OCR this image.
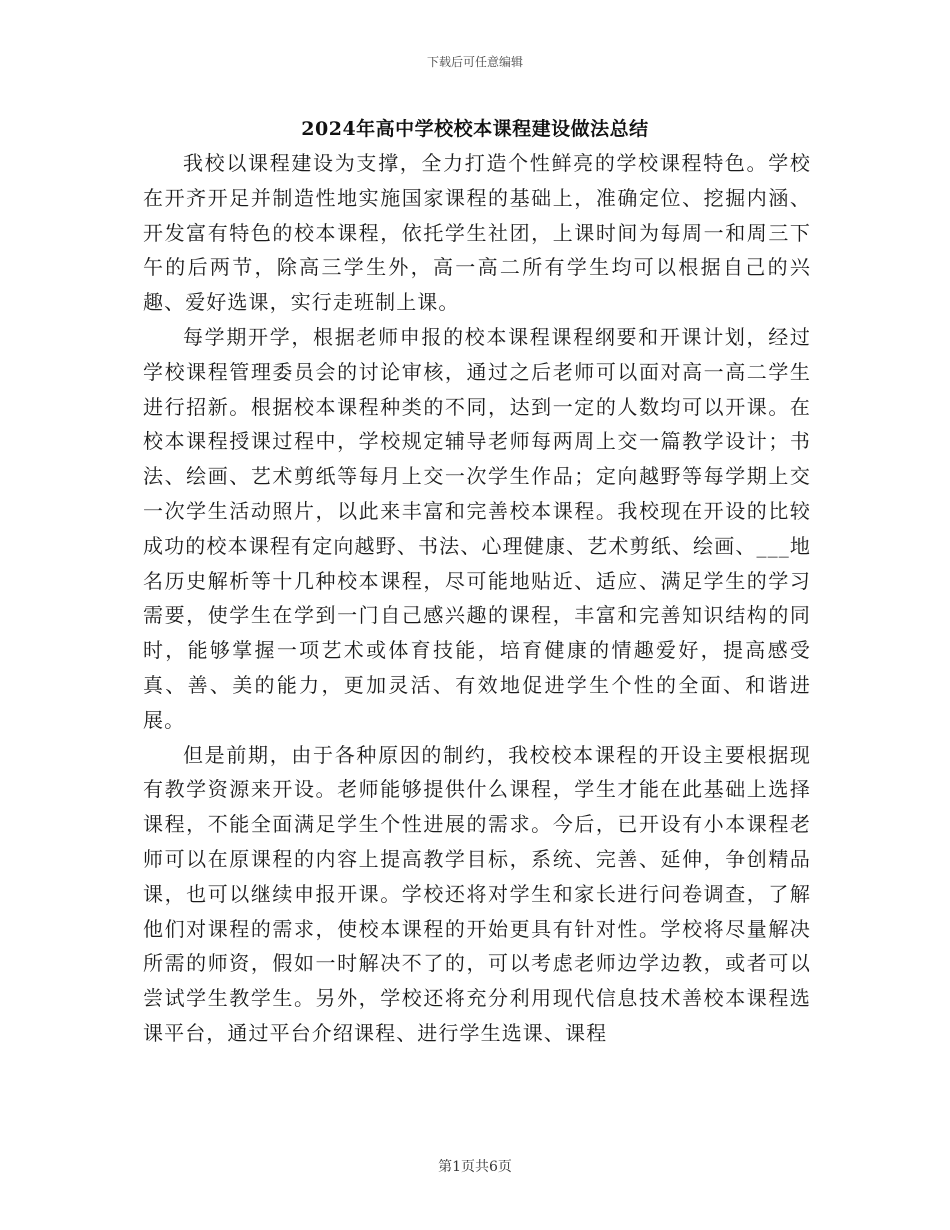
下载后可任意编辑
2024年高中学校校本课程建设做法总结

我校以课程建设为支撑，全力打造个性鲜亮的学校课程特色。学校在开齐开足并制造性地实施国家课程的基础上，准确定位、挖掘内涵、开发富有特色的校本课程，依托学生社团，上课时间为每周一和周三下午的后两节，除高三学生外，高一高二所有学生均可以根据自己的兴趣、爱好选课，实行走班制上课。

每学期开学，根据老师申报的校本课程课程纲要和开课计划，经过学校课程管理委员会的讨论审核，通过之后老师可以面对高一高二学生进行招新。根据校本课程种类的不同，达到一定的人数均可以开课。在校本课程授课过程中，学校规定辅导老师每两周上交一篇教学设计；书法、绘画、艺术剪纸等每月上交一次学生作品；定向越野等每学期上交一次学生活动照片，以此来丰富和完善校本课程。我校现在开设的比较成功的校本课程有定向越野、书法、心理健康、艺术剪纸、绘画、___地名历史解析等十几种校本课程，尽可能地贴近、适应、满足学生的学习需要，使学生在学到一门自己感兴趣的课程，丰富和完善知识结构的同时，能够掌握一项艺术或体育技能，培育健康的情趣爱好，提高感受真、善、美的能力，更加灵活、有效地促进学生个性的全面、和谐进展。

但是前期，由于各种原因的制约，我校校本课程的开设主要根据现有教学资源来开设。老师能够提供什么课程，学生才能在此基础上选择课程，不能全面满足学生个性进展的需求。今后，已开设有小本课程老师可以在原课程的内容上提高教学目标，系统、完善、延伸，争创精品课，也可以继续申报开课。学校还将对学生和家长进行问卷调查，了解他们对课程的需求，使校本课程的开始更具有针对性。学校将尽量解决所需的师资，假如一时解决不了的，可以考虑老师边学边教，或者可以尝试学生教学生。另外，学校还将充分利用现代信息技术善校本课程选课平台，通过平台介绍课程、进行学生选课、课程

第1页共6页
